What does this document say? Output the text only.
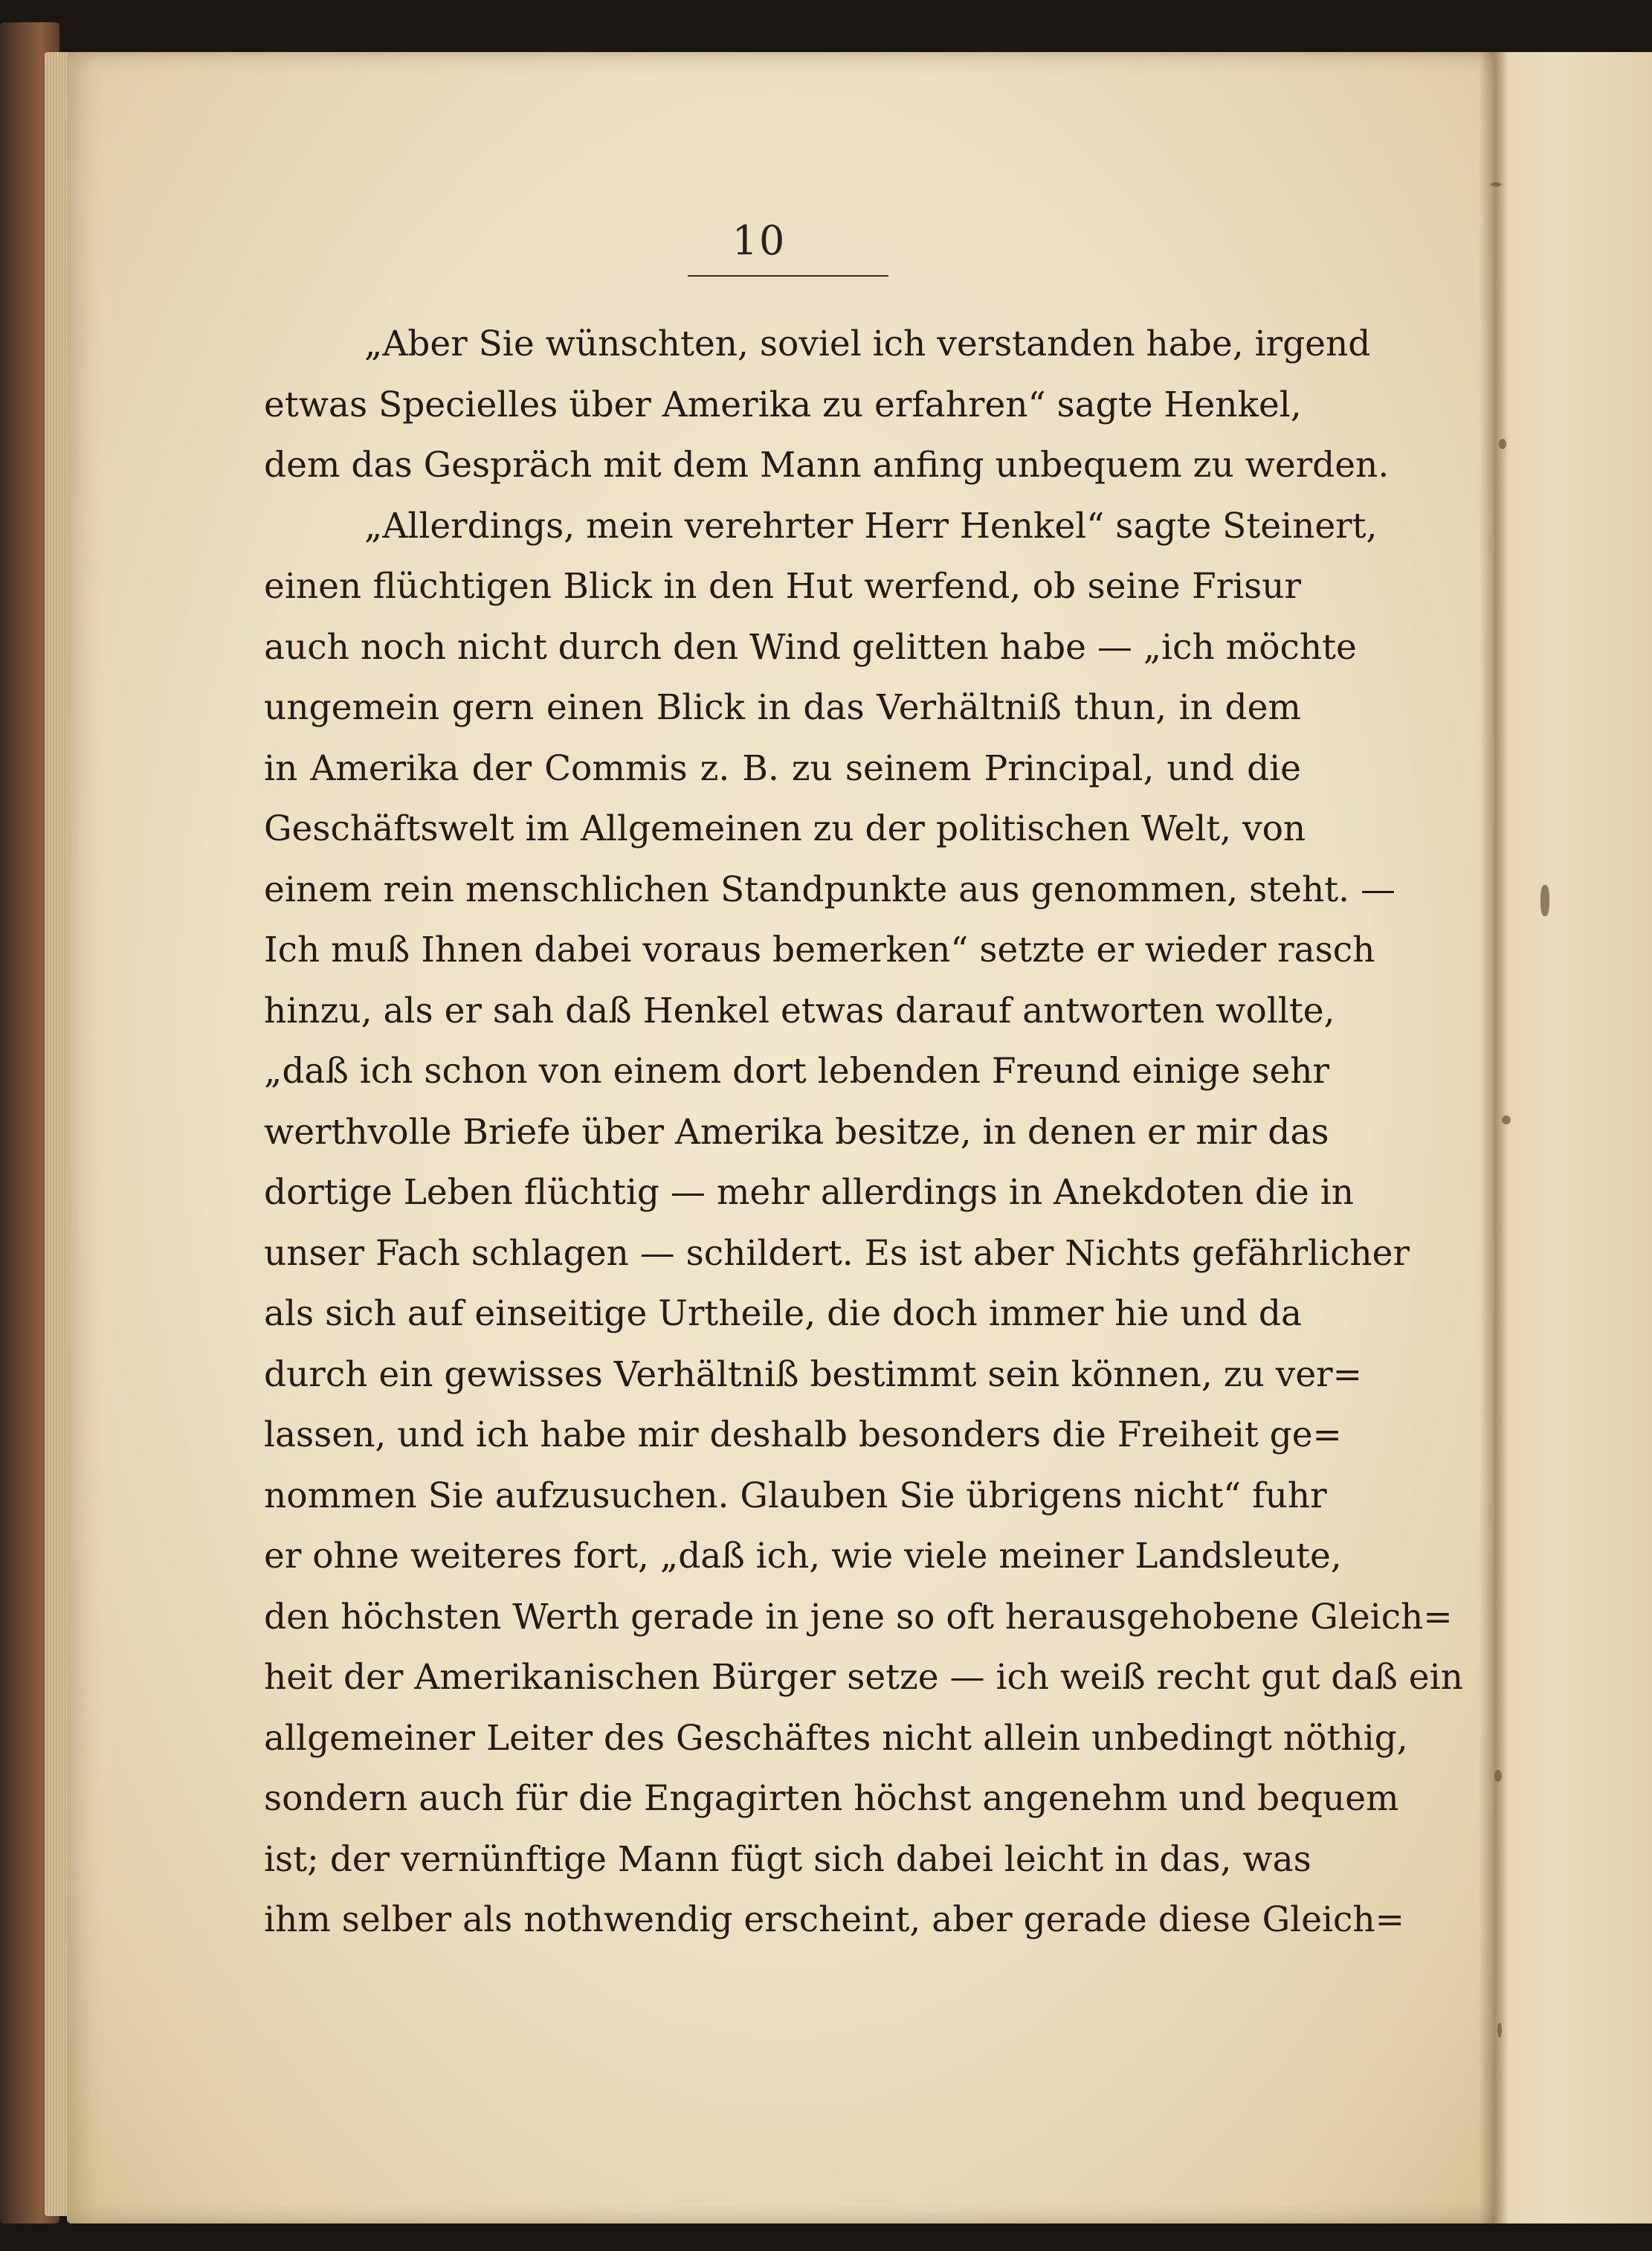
10
„Aber Sie wünschten, soviel ich verstanden habe, irgend
etwas Specielles über Amerika zu erfahren“ sagte Henkel,
dem das Gespräch mit dem Mann anfing unbequem zu werden.
„Allerdings, mein verehrter Herr Henkel“ sagte Steinert,
einen flüchtigen Blick in den Hut werfend, ob seine Frisur
auch noch nicht durch den Wind gelitten habe — „ich möchte
ungemein gern einen Blick in das Verhältniß thun, in dem
in Amerika der Commis z. B. zu seinem Principal, und die
Geschäftswelt im Allgemeinen zu der politischen Welt, von
einem rein menschlichen Standpunkte aus genommen, steht. —
Ich muß Ihnen dabei voraus bemerken“ setzte er wieder rasch
hinzu, als er sah daß Henkel etwas darauf antworten wollte,
„daß ich schon von einem dort lebenden Freund einige sehr
werthvolle Briefe über Amerika besitze, in denen er mir das
dortige Leben flüchtig — mehr allerdings in Anekdoten die in
unser Fach schlagen — schildert. Es ist aber Nichts gefährlicher
als sich auf einseitige Urtheile, die doch immer hie und da
durch ein gewisses Verhältniß bestimmt sein können, zu ver=
lassen, und ich habe mir deshalb besonders die Freiheit ge=
nommen Sie aufzusuchen. Glauben Sie übrigens nicht“ fuhr
er ohne weiteres fort, „daß ich, wie viele meiner Landsleute,
den höchsten Werth gerade in jene so oft herausgehobene Gleich=
heit der Amerikanischen Bürger setze — ich weiß recht gut daß ein
allgemeiner Leiter des Geschäftes nicht allein unbedingt nöthig,
sondern auch für die Engagirten höchst angenehm und bequem
ist; der vernünftige Mann fügt sich dabei leicht in das, was
ihm selber als nothwendig erscheint, aber gerade diese Gleich=
